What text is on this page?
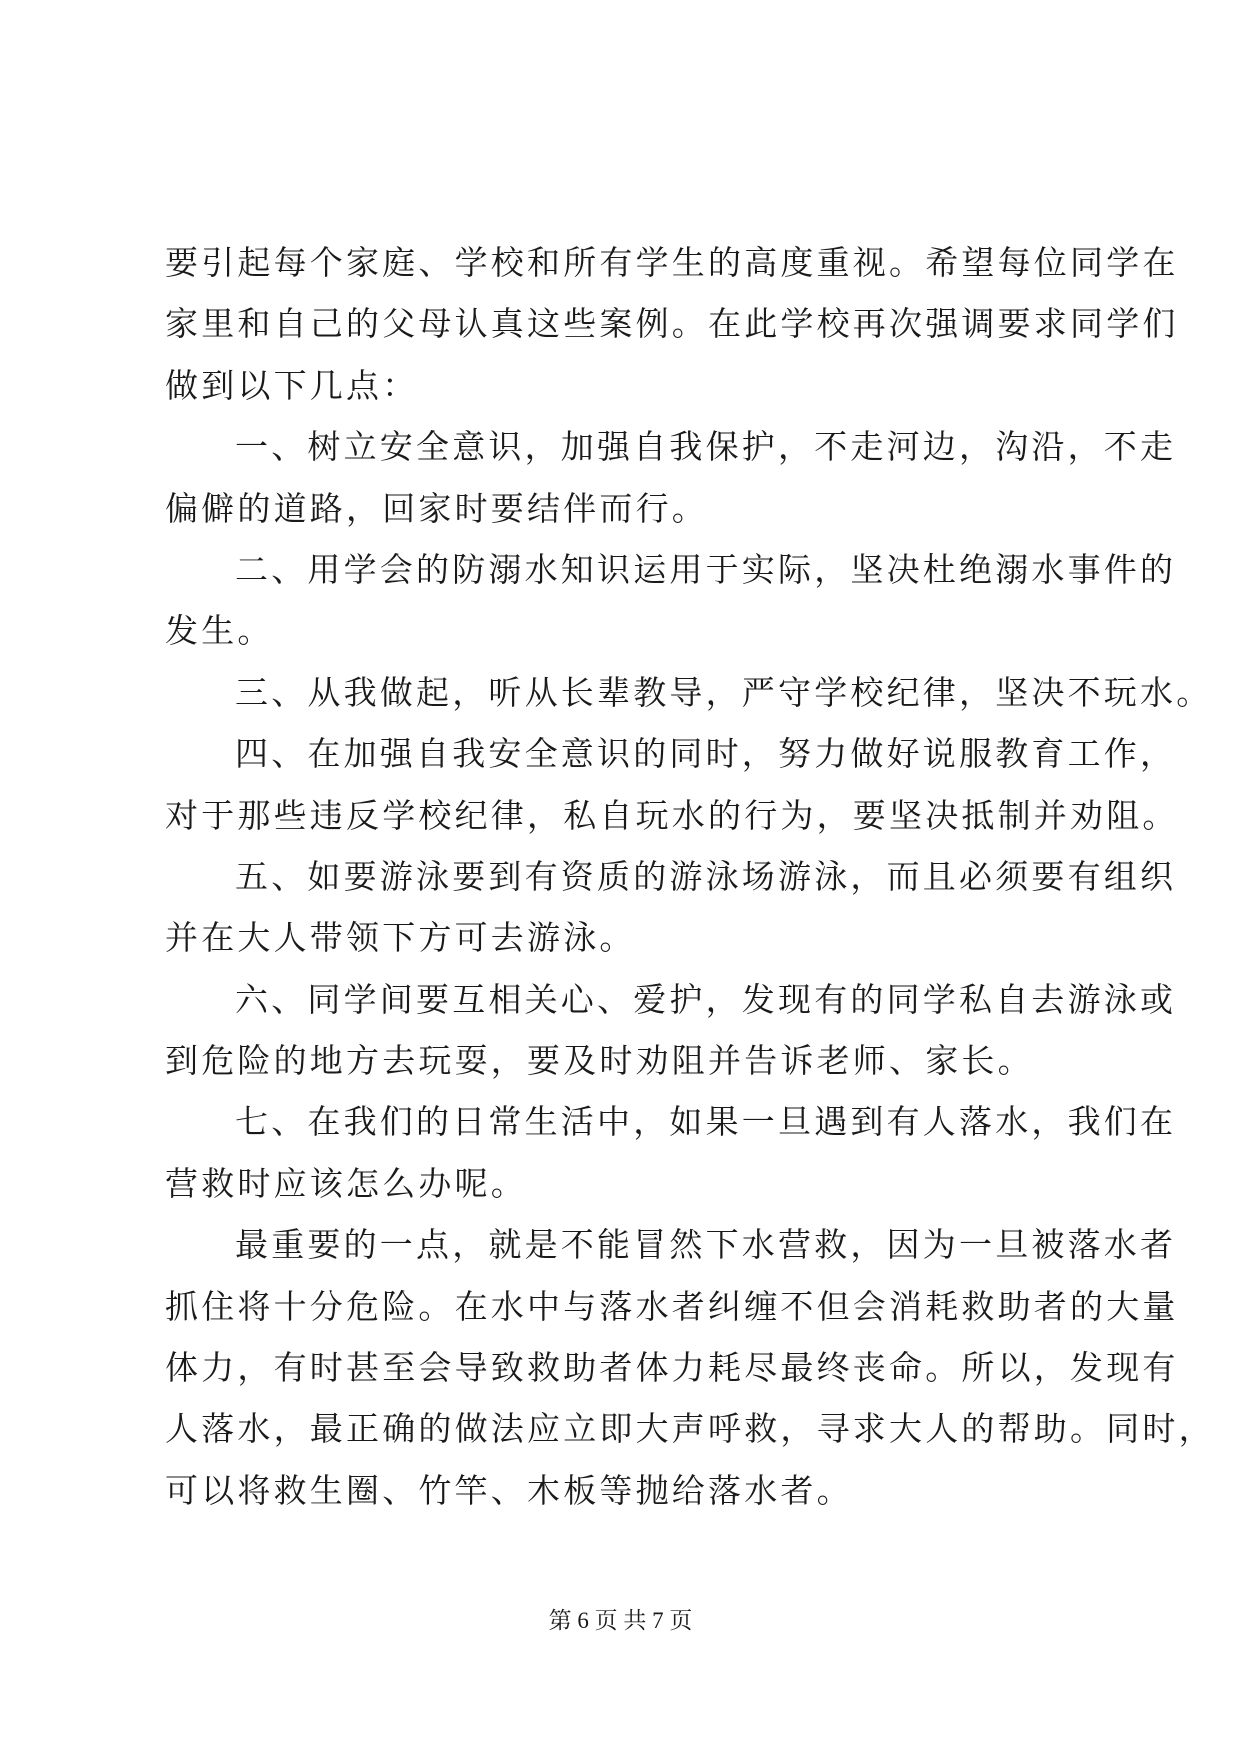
要引起每个家庭、学校和所有学生的高度重视。希望每位同学在
家里和自己的父母认真这些案例。在此学校再次强调要求同学们
做到以下几点：
一、树立安全意识，加强自我保护，不走河边，沟沿，不走
偏僻的道路，回家时要结伴而行。
二、用学会的防溺水知识运用于实际，坚决杜绝溺水事件的
发生。
三、从我做起，听从长辈教导，严守学校纪律，坚决不玩水。
四、在加强自我安全意识的同时，努力做好说服教育工作，
对于那些违反学校纪律，私自玩水的行为，要坚决抵制并劝阻。
五、如要游泳要到有资质的游泳场游泳，而且必须要有组织
并在大人带领下方可去游泳。
六、同学间要互相关心、爱护，发现有的同学私自去游泳或
到危险的地方去玩耍，要及时劝阻并告诉老师、家长。
七、在我们的日常生活中，如果一旦遇到有人落水，我们在
营救时应该怎么办呢。
最重要的一点，就是不能冒然下水营救，因为一旦被落水者
抓住将十分危险。在水中与落水者纠缠不但会消耗救助者的大量
体力，有时甚至会导致救助者体力耗尽最终丧命。所以，发现有
人落水，最正确的做法应立即大声呼救，寻求大人的帮助。同时，
可以将救生圈、竹竿、木板等抛给落水者。
第 6 页 共 7 页
